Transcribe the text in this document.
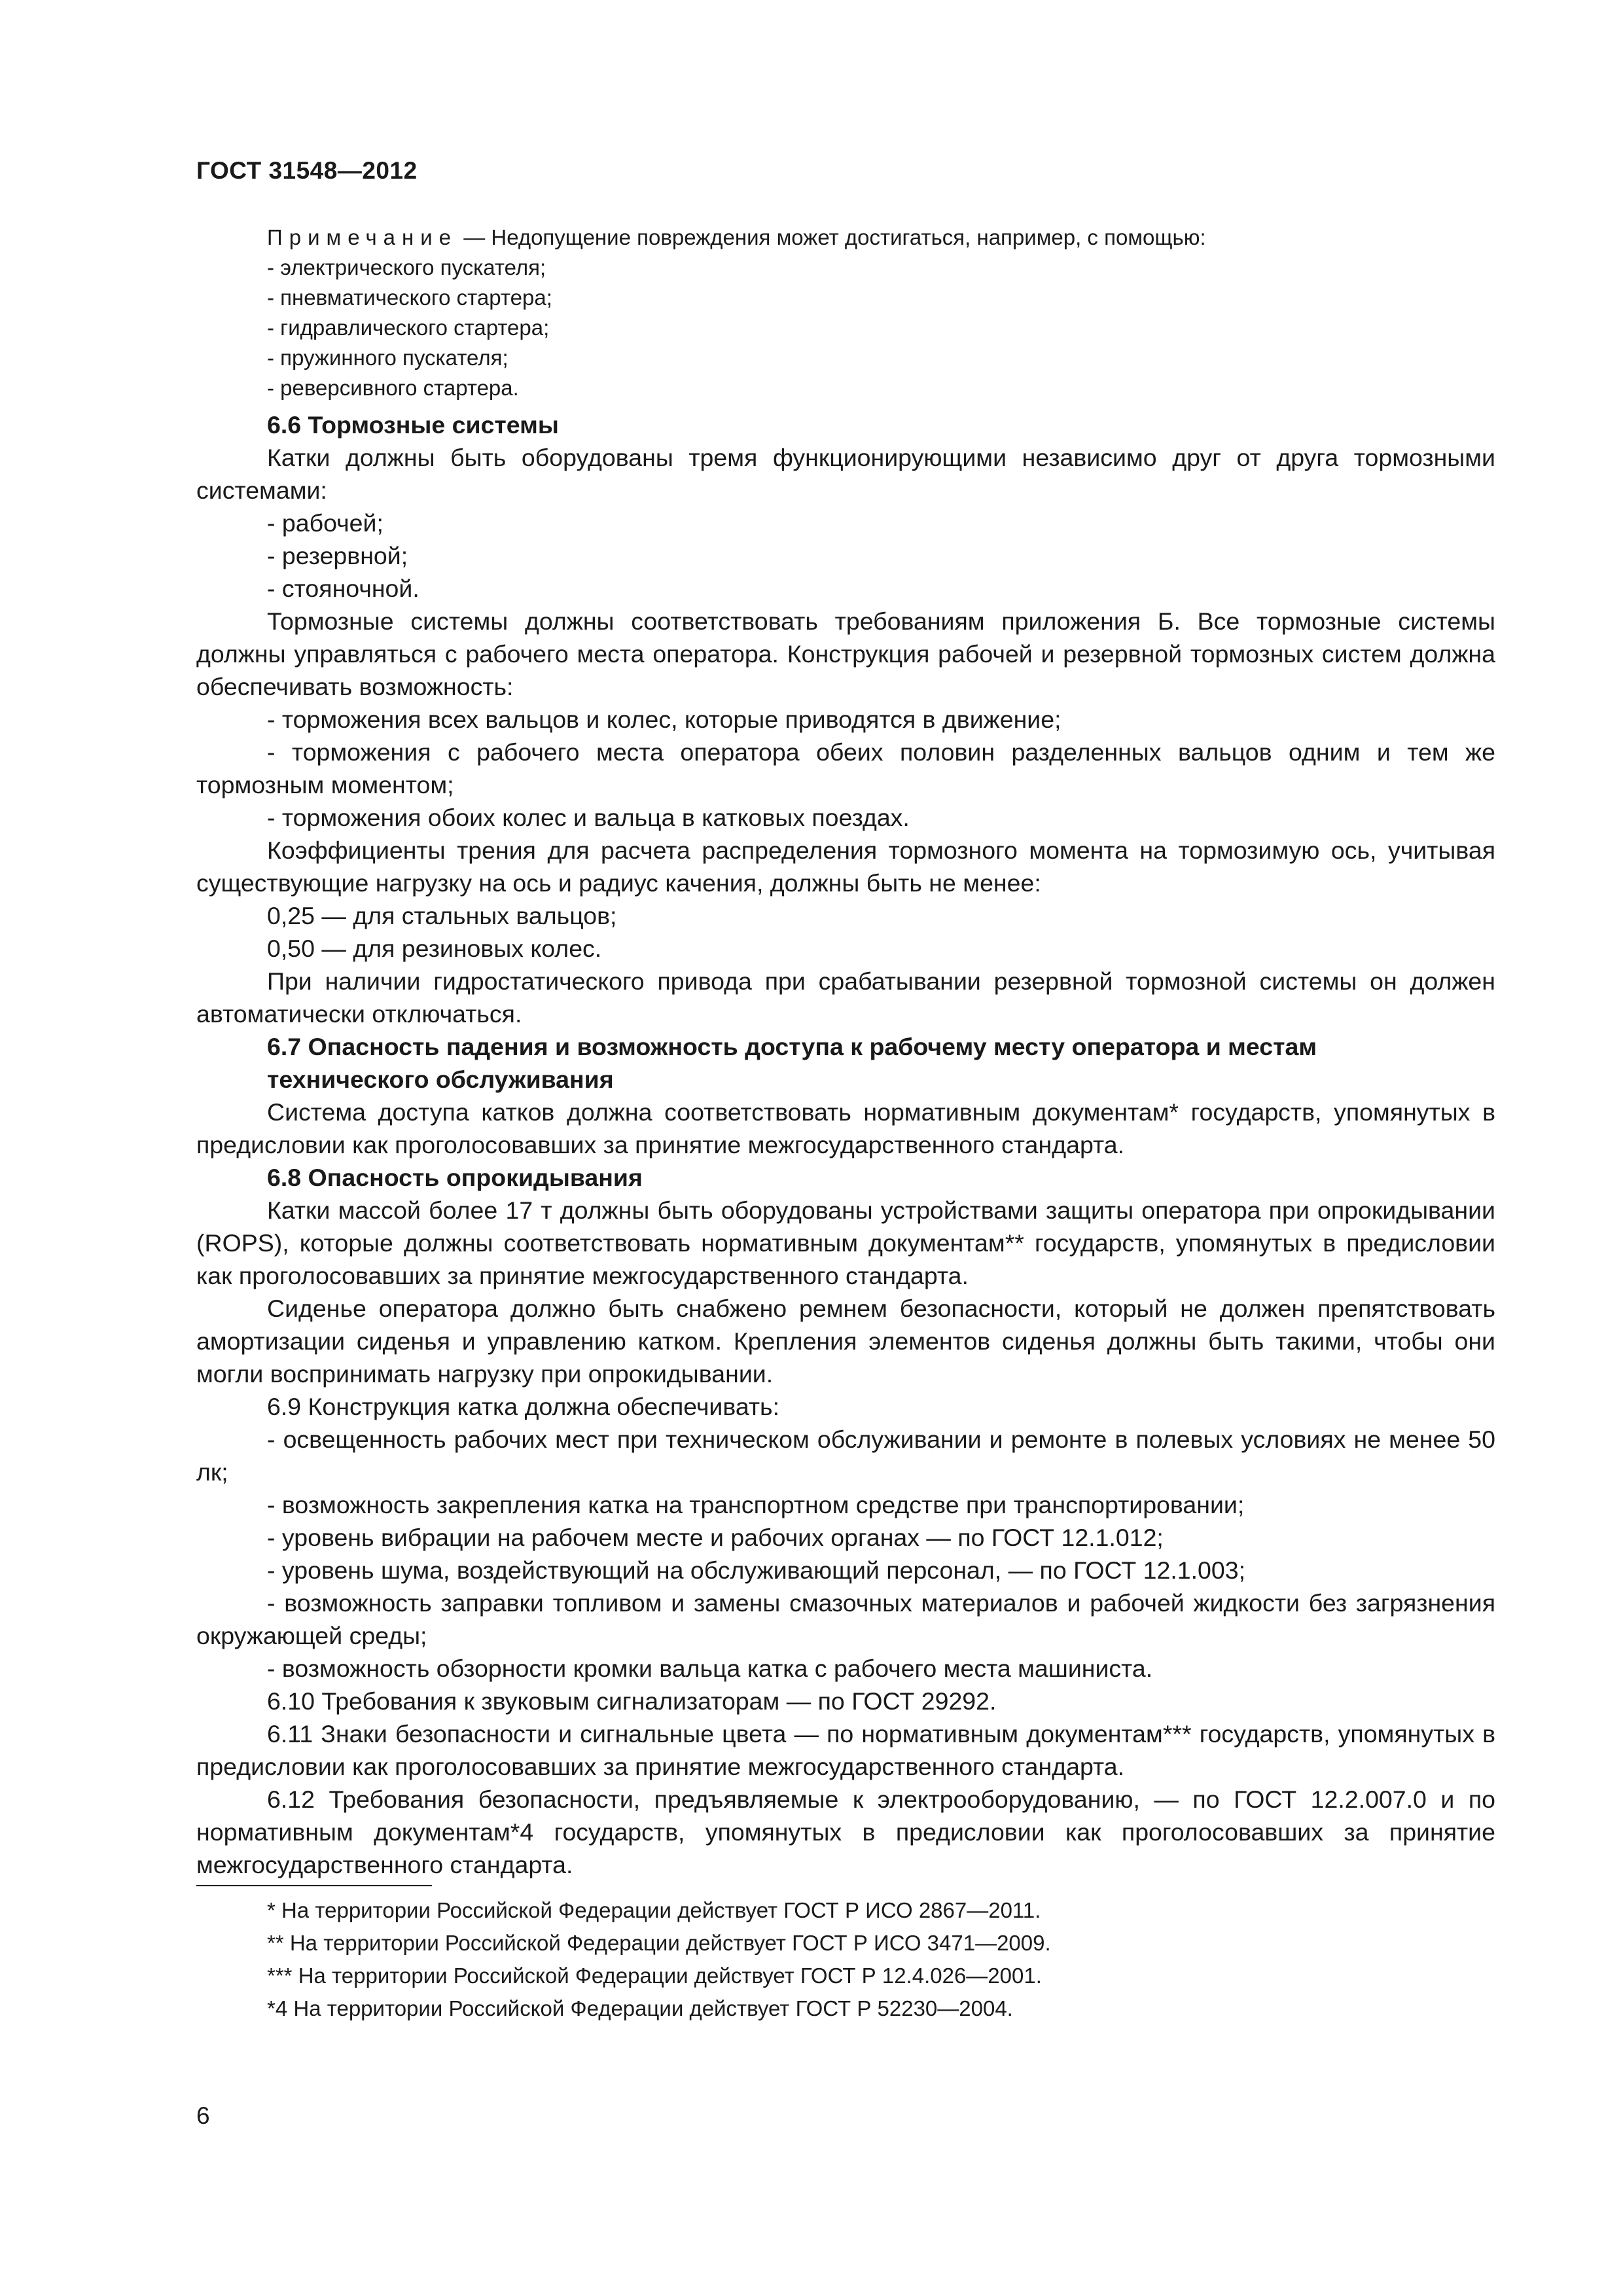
ГОСТ 31548—2012

Примечание — Недопущение повреждения может достигаться, например, с помощью:

- электрического пускателя;

- пневматического стартера;

- гидравлического стартера;

- пружинного пускателя;

- реверсивного стартера.

6.6 Тормозные системы

Катки должны быть оборудованы тремя функционирующими независимо друг от друга тормозными системами:

- рабочей;

- резервной;

- стояночной.

Тормозные системы должны соответствовать требованиям приложения Б. Все тормозные системы должны управляться с рабочего места оператора. Конструкция рабочей и резервной тормозных систем должна обеспечивать возможность:

- торможения всех вальцов и колес, которые приводятся в движение;

- торможения с рабочего места оператора обеих половин разделенных вальцов одним и тем же тормозным моментом;

- торможения обоих колес и вальца в катковых поездах.

Коэффициенты трения для расчета распределения тормозного момента на тормозимую ось, учитывая существующие нагрузку на ось и радиус качения, должны быть не менее:

0,25 — для стальных вальцов;

0,50 — для резиновых колес.

При наличии гидростатического привода при срабатывании резервной тормозной системы он должен автоматически отключаться.

6.7 Опасность падения и возможность доступа к рабочему месту оператора и местам технического обслуживания

Система доступа катков должна соответствовать нормативным документам* государств, упомянутых в предисловии как проголосовавших за принятие межгосударственного стандарта.

6.8 Опасность опрокидывания

Катки массой более 17 т должны быть оборудованы устройствами защиты оператора при опрокидывании (ROPS), которые должны соответствовать нормативным документам** государств, упомянутых в предисловии как проголосовавших за принятие межгосударственного стандарта.

Сиденье оператора должно быть снабжено ремнем безопасности, который не должен препятствовать амортизации сиденья и управлению катком. Крепления элементов сиденья должны быть такими, чтобы они могли воспринимать нагрузку при опрокидывании.

6.9 Конструкция катка должна обеспечивать:

- освещенность рабочих мест при техническом обслуживании и ремонте в полевых условиях не менее 50 лк;

- возможность закрепления катка на транспортном средстве при транспортировании;

- уровень вибрации на рабочем месте и рабочих органах — по ГОСТ 12.1.012;

- уровень шума, воздействующий на обслуживающий персонал, — по ГОСТ 12.1.003;

- возможность заправки топливом и замены смазочных материалов и рабочей жидкости без загрязнения окружающей среды;

- возможность обзорности кромки вальца катка с рабочего места машиниста.

6.10 Требования к звуковым сигнализаторам — по ГОСТ 29292.

6.11 Знаки безопасности и сигнальные цвета — по нормативным документам*** государств, упомянутых в предисловии как проголосовавших за принятие межгосударственного стандарта.

6.12 Требования безопасности, предъявляемые к электрооборудованию, — по ГОСТ 12.2.007.0 и по нормативным документам*4 государств, упомянутых в предисловии как проголосовавших за принятие межгосударственного стандарта.

* На территории Российской Федерации действует ГОСТ Р ИСО 2867—2011.

** На территории Российской Федерации действует ГОСТ Р ИСО 3471—2009.

*** На территории Российской Федерации действует ГОСТ Р 12.4.026—2001.

*4 На территории Российской Федерации действует ГОСТ Р 52230—2004.

6
